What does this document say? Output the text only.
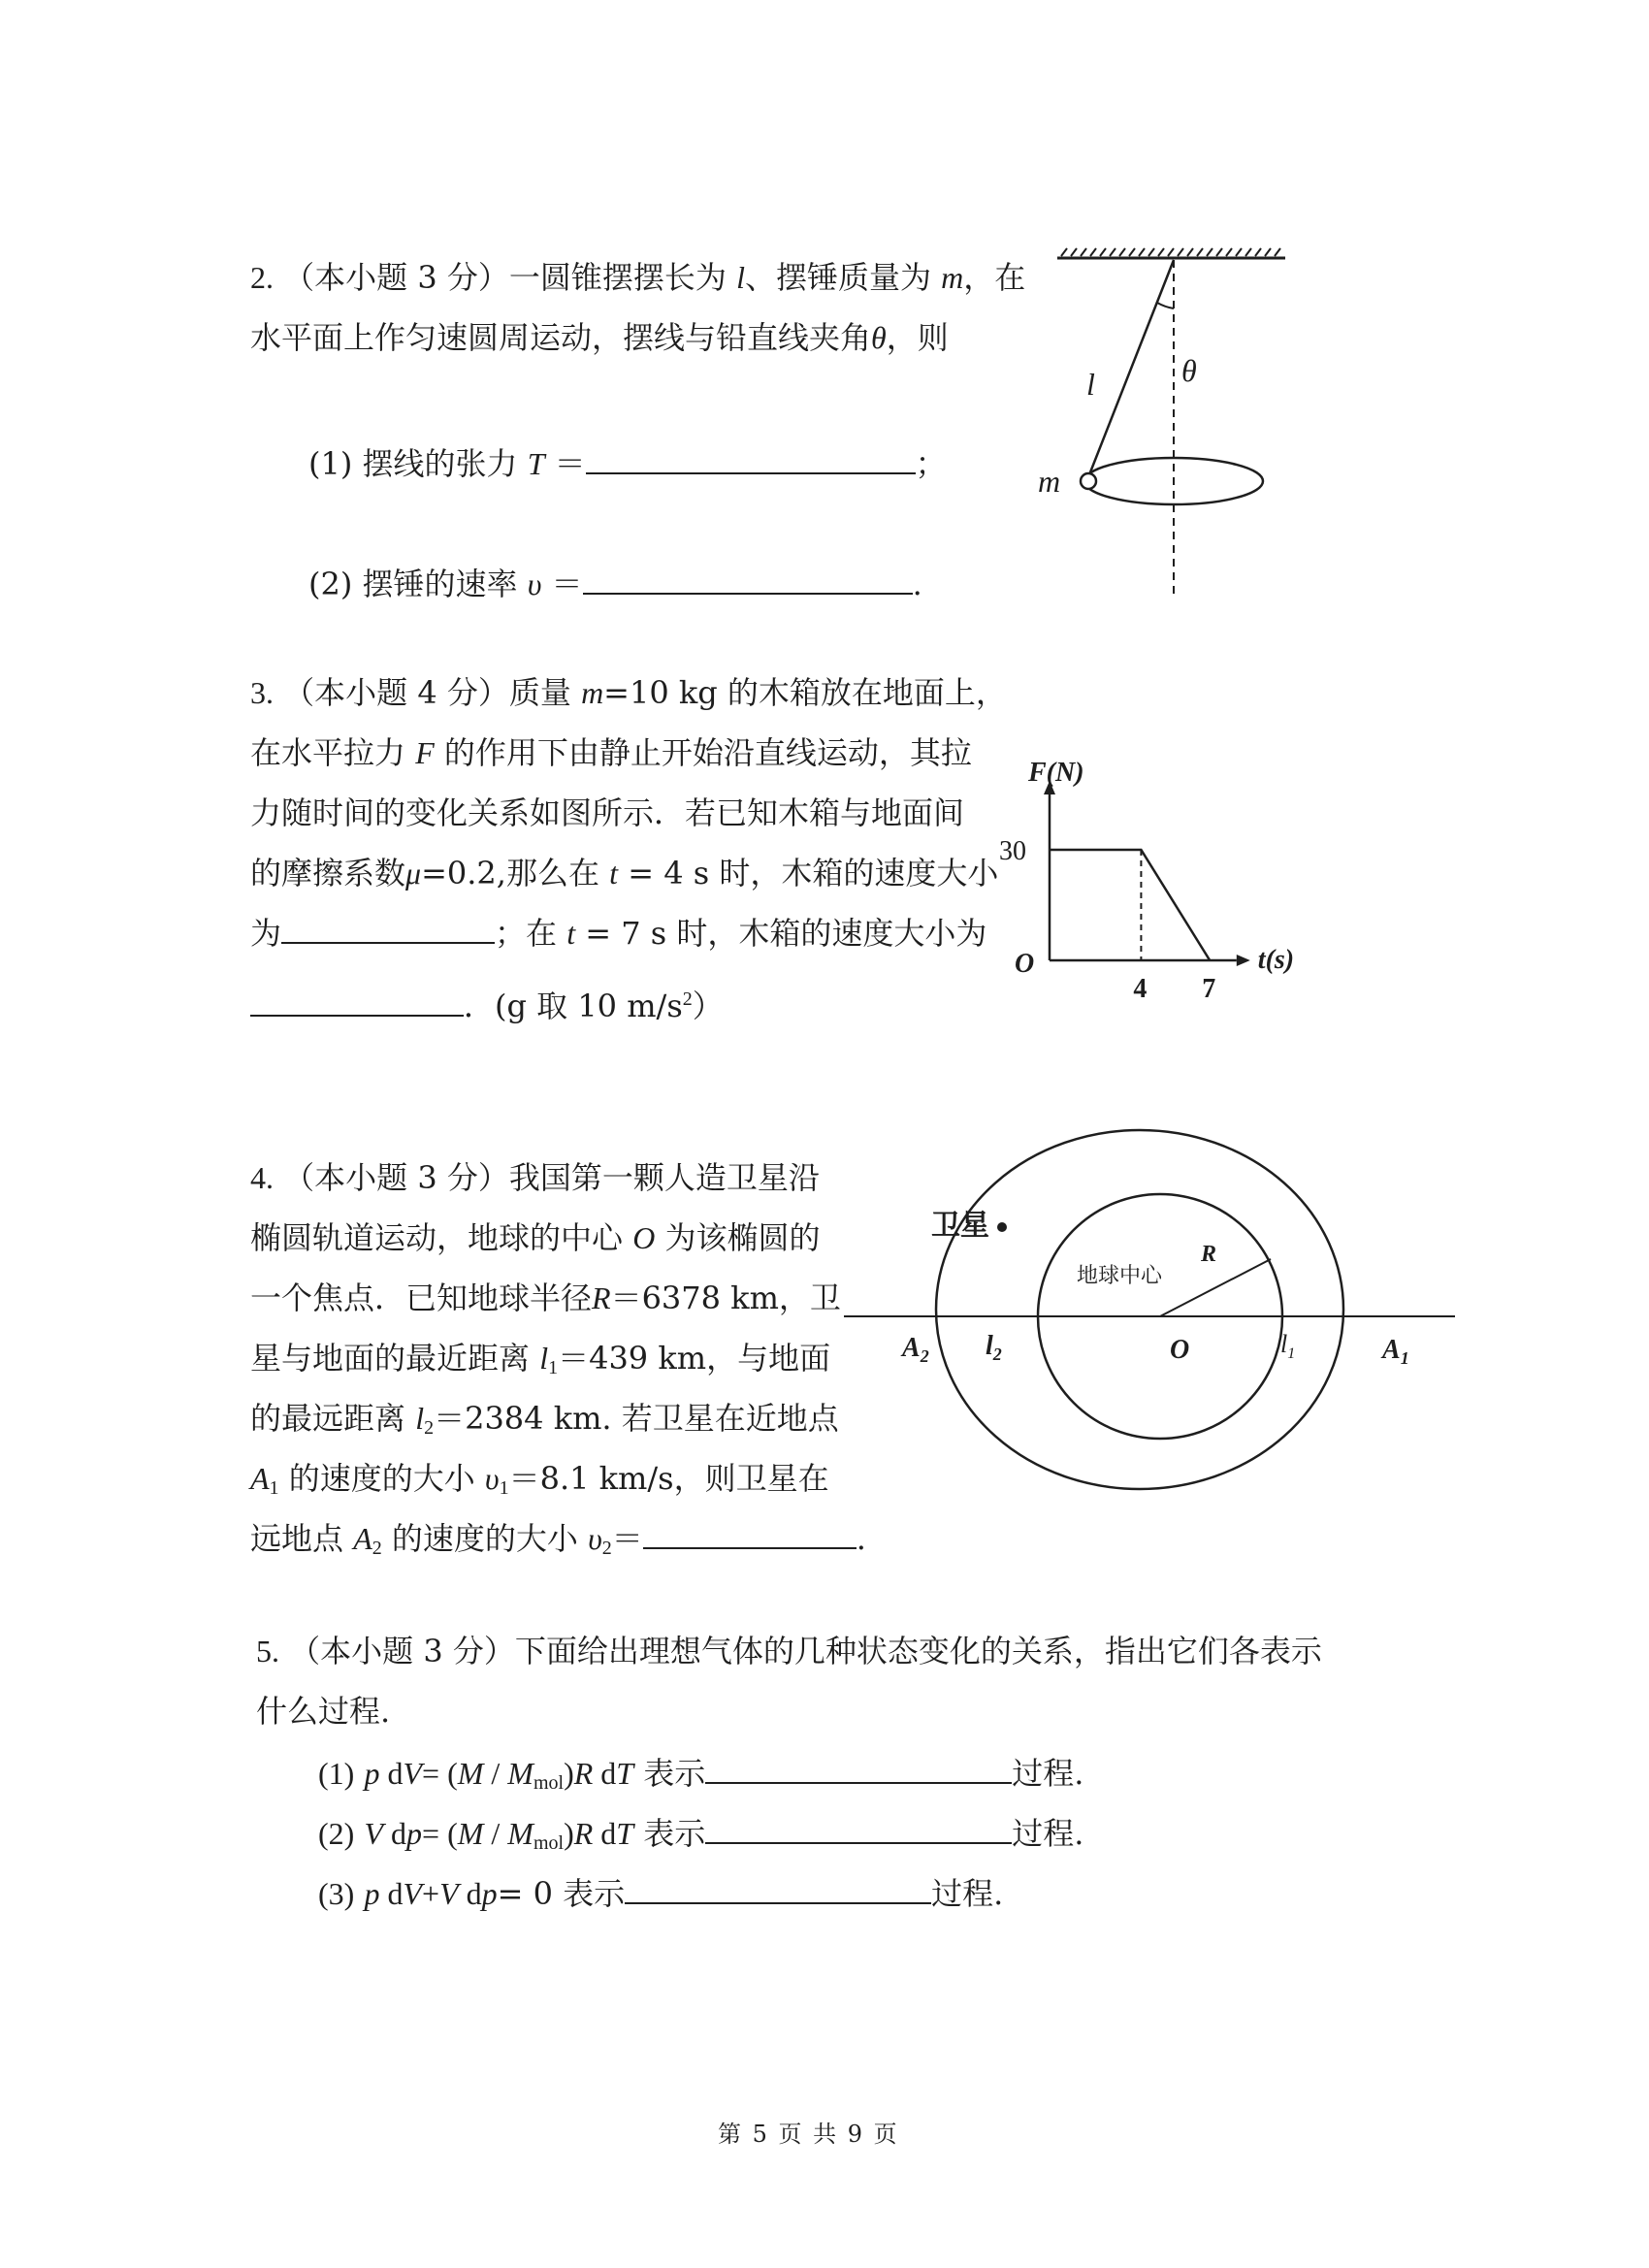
2. （本小题 3 分）一圆锥摆摆长为 l、摆锤质量为 m，在
水平面上作匀速圆周运动，摆线与铅直线夹角θ，则
(1) 摆线的张力 T ＝	；
(2) 摆锤的速率 υ ＝	.
θ
l
m
3. （本小题 4 分）质量 m=10 kg 的木箱放在地面上，
在水平拉力 F 的作用下由静止开始沿直线运动，其拉
力随时间的变化关系如图所示．若已知木箱与地面间
的摩擦系数μ=0.2,那么在 t = 4 s 时，木箱的速度大小
为	；在 t = 7 s 时，木箱的速度大小为
．(g 取 10 $m/s^2$）
F(N)
t(s)
O
30
4 7
4. （本小题 3 分）我国第一颗人造卫星沿
椭圆轨道运动，地球的中心 O 为该椭圆的
一个焦点．已知地球半径R＝6378 km，卫
星与地面的最近距离 $l_1=439$ km，与地面
的最远距离 $l_2=2384$ km. 若卫星在近地点
$A_1$ 的速度的大小 $\upsilon_1=8.1$ km/s，则卫星在
远地点 $A_2$ 的速度的大小 $\upsilon_2=$	.
卫星
地球中心
R
O
$A_2$	$A_1$
$l_2$	$l_1$
5. （本小题 3 分）下面给出理想气体的几种状态变化的关系，指出它们各表示
什么过程.
(1) p $dV= (M / M_{mol})R$ dT 表示	过程.
(2) V $dp= (M / M_{mol})R$ dT 表示	过程.
(3) p dV+V dp= 0 表示	过程.
第 5 页 共 9 页
